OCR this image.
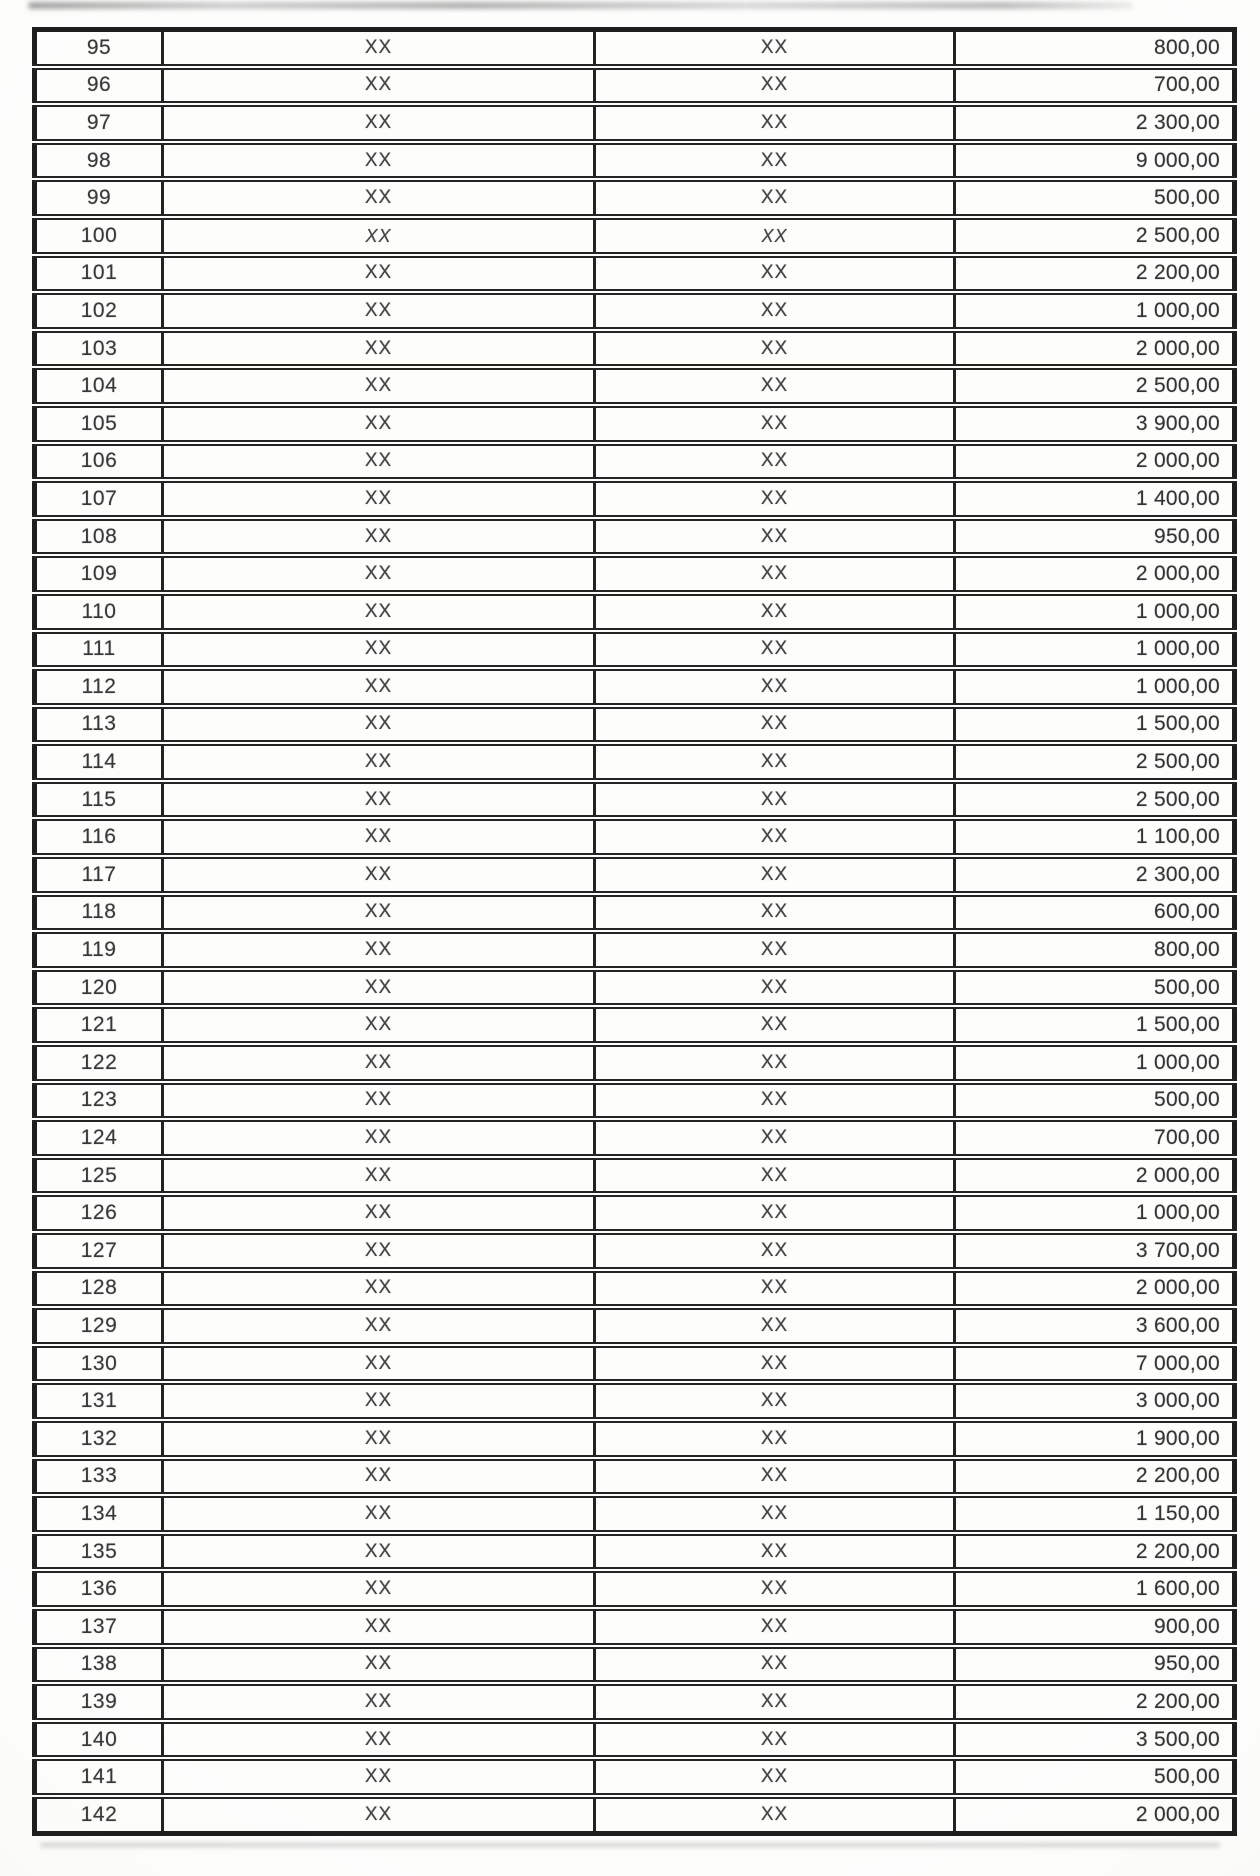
95	XX	XX	800,00
96	XX	XX	700,00
97	XX	XX	2 300,00
98	XX	XX	9 000,00
99	XX	XX	500,00
100	XX	XX	2 500,00
101	XX	XX	2 200,00
102	XX	XX	1 000,00
103	XX	XX	2 000,00
104	XX	XX	2 500,00
105	XX	XX	3 900,00
106	XX	XX	2 000,00
107	XX	XX	1 400,00
108	XX	XX	950,00
109	XX	XX	2 000,00
110	XX	XX	1 000,00
111	XX	XX	1 000,00
112	XX	XX	1 000,00
113	XX	XX	1 500,00
114	XX	XX	2 500,00
115	XX	XX	2 500,00
116	XX	XX	1 100,00
117	XX	XX	2 300,00
118	XX	XX	600,00
119	XX	XX	800,00
120	XX	XX	500,00
121	XX	XX	1 500,00
122	XX	XX	1 000,00
123	XX	XX	500,00
124	XX	XX	700,00
125	XX	XX	2 000,00
126	XX	XX	1 000,00
127	XX	XX	3 700,00
128	XX	XX	2 000,00
129	XX	XX	3 600,00
130	XX	XX	7 000,00
131	XX	XX	3 000,00
132	XX	XX	1 900,00
133	XX	XX	2 200,00
134	XX	XX	1 150,00
135	XX	XX	2 200,00
136	XX	XX	1 600,00
137	XX	XX	900,00
138	XX	XX	950,00
139	XX	XX	2 200,00
140	XX	XX	3 500,00
141	XX	XX	500,00
142	XX	XX	2 000,00
